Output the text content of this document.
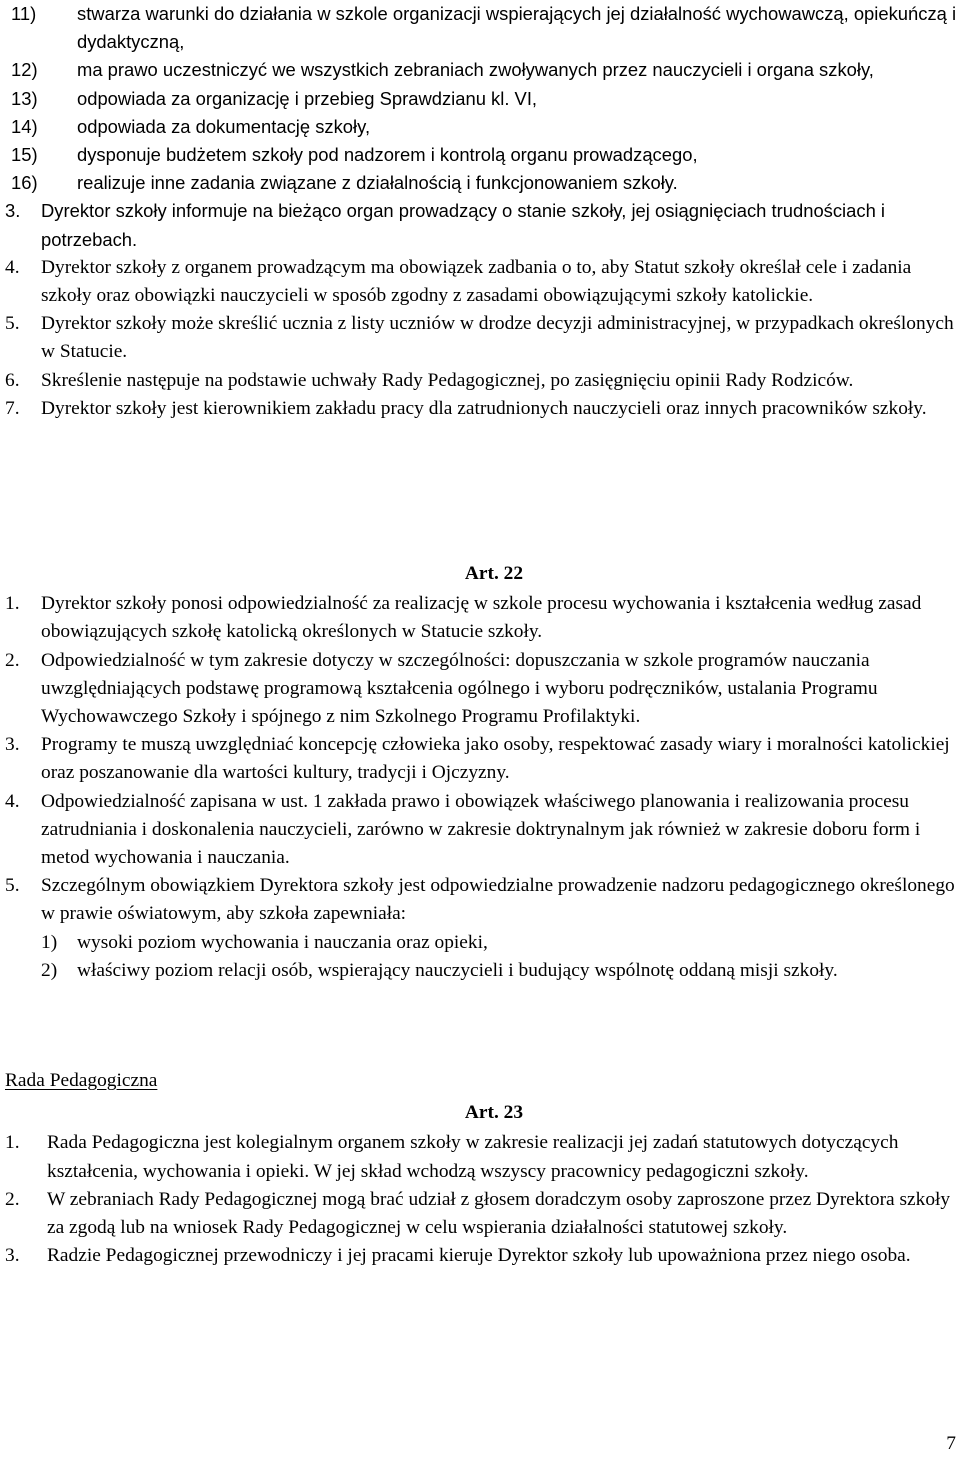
11) stwarza warunki do działania w szkole organizacji wspierających jej działalność wychowawczą, opiekuńczą i dydaktyczną,

12) ma prawo uczestniczyć we wszystkich zebraniach zwoływanych przez nauczycieli i organa szkoły,

13) odpowiada za organizację i przebieg Sprawdzianu kl. VI,

14) odpowiada za dokumentację szkoły,

15) dysponuje budżetem szkoły pod nadzorem i kontrolą organu prowadzącego,

16) realizuje inne zadania związane z działalnością i funkcjonowaniem szkoły.

3. Dyrektor szkoły informuje na bieżąco organ prowadzący o stanie szkoły, jej osiągnięciach trudnościach i potrzebach.

4. Dyrektor szkoły z organem prowadzącym ma obowiązek zadbania o to, aby Statut szkoły określał cele i zadania szkoły oraz obowiązki nauczycieli w sposób zgodny z zasadami obowiązującymi szkoły katolickie.

5. Dyrektor szkoły może skreślić ucznia z listy uczniów w drodze decyzji administracyjnej, w przypadkach określonych w Statucie.

6. Skreślenie następuje na podstawie uchwały Rady Pedagogicznej, po zasięgnięciu opinii Rady Rodziców.

7. Dyrektor szkoły jest kierownikiem zakładu pracy dla zatrudnionych nauczycieli oraz innych pracowników szkoły.

Art. 22

1. Dyrektor szkoły ponosi odpowiedzialność za realizację w szkole procesu wychowania i kształcenia według zasad obowiązujących szkołę katolicką określonych w Statucie szkoły.

2. Odpowiedzialność w tym zakresie dotyczy w szczególności: dopuszczania w szkole programów nauczania uwzględniających podstawę programową kształcenia ogólnego i wyboru podręczników, ustalania Programu Wychowawczego Szkoły i spójnego z nim Szkolnego Programu Profilaktyki.

3. Programy te muszą uwzględniać koncepcję człowieka jako osoby, respektować zasady wiary i moralności katolickiej oraz poszanowanie dla wartości kultury, tradycji i Ojczyzny.

4. Odpowiedzialność zapisana w ust. 1 zakłada prawo i obowiązek właściwego planowania i realizowania procesu zatrudniania i doskonalenia nauczycieli, zarówno w zakresie doktrynalnym jak również w zakresie doboru form i metod wychowania i nauczania.

5. Szczególnym obowiązkiem Dyrektora szkoły jest odpowiedzialne prowadzenie nadzoru pedagogicznego określonego w prawie oświatowym, aby szkoła zapewniała:

1) wysoki poziom wychowania i nauczania oraz opieki,

2) właściwy poziom relacji osób, wspierający nauczycieli i budujący wspólnotę oddaną misji szkoły.

Rada Pedagogiczna
Art. 23

1. Rada Pedagogiczna jest kolegialnym organem szkoły w zakresie realizacji jej zadań statutowych dotyczących kształcenia, wychowania i opieki. W jej skład wchodzą wszyscy pracownicy pedagogiczni szkoły.

2. W zebraniach Rady Pedagogicznej mogą brać udział z głosem doradczym osoby zaproszone przez Dyrektora szkoły za zgodą lub na wniosek Rady Pedagogicznej w celu wspierania działalności statutowej szkoły.

3. Radzie Pedagogicznej przewodniczy i jej pracami kieruje Dyrektor szkoły lub upoważniona przez niego osoba.

7
